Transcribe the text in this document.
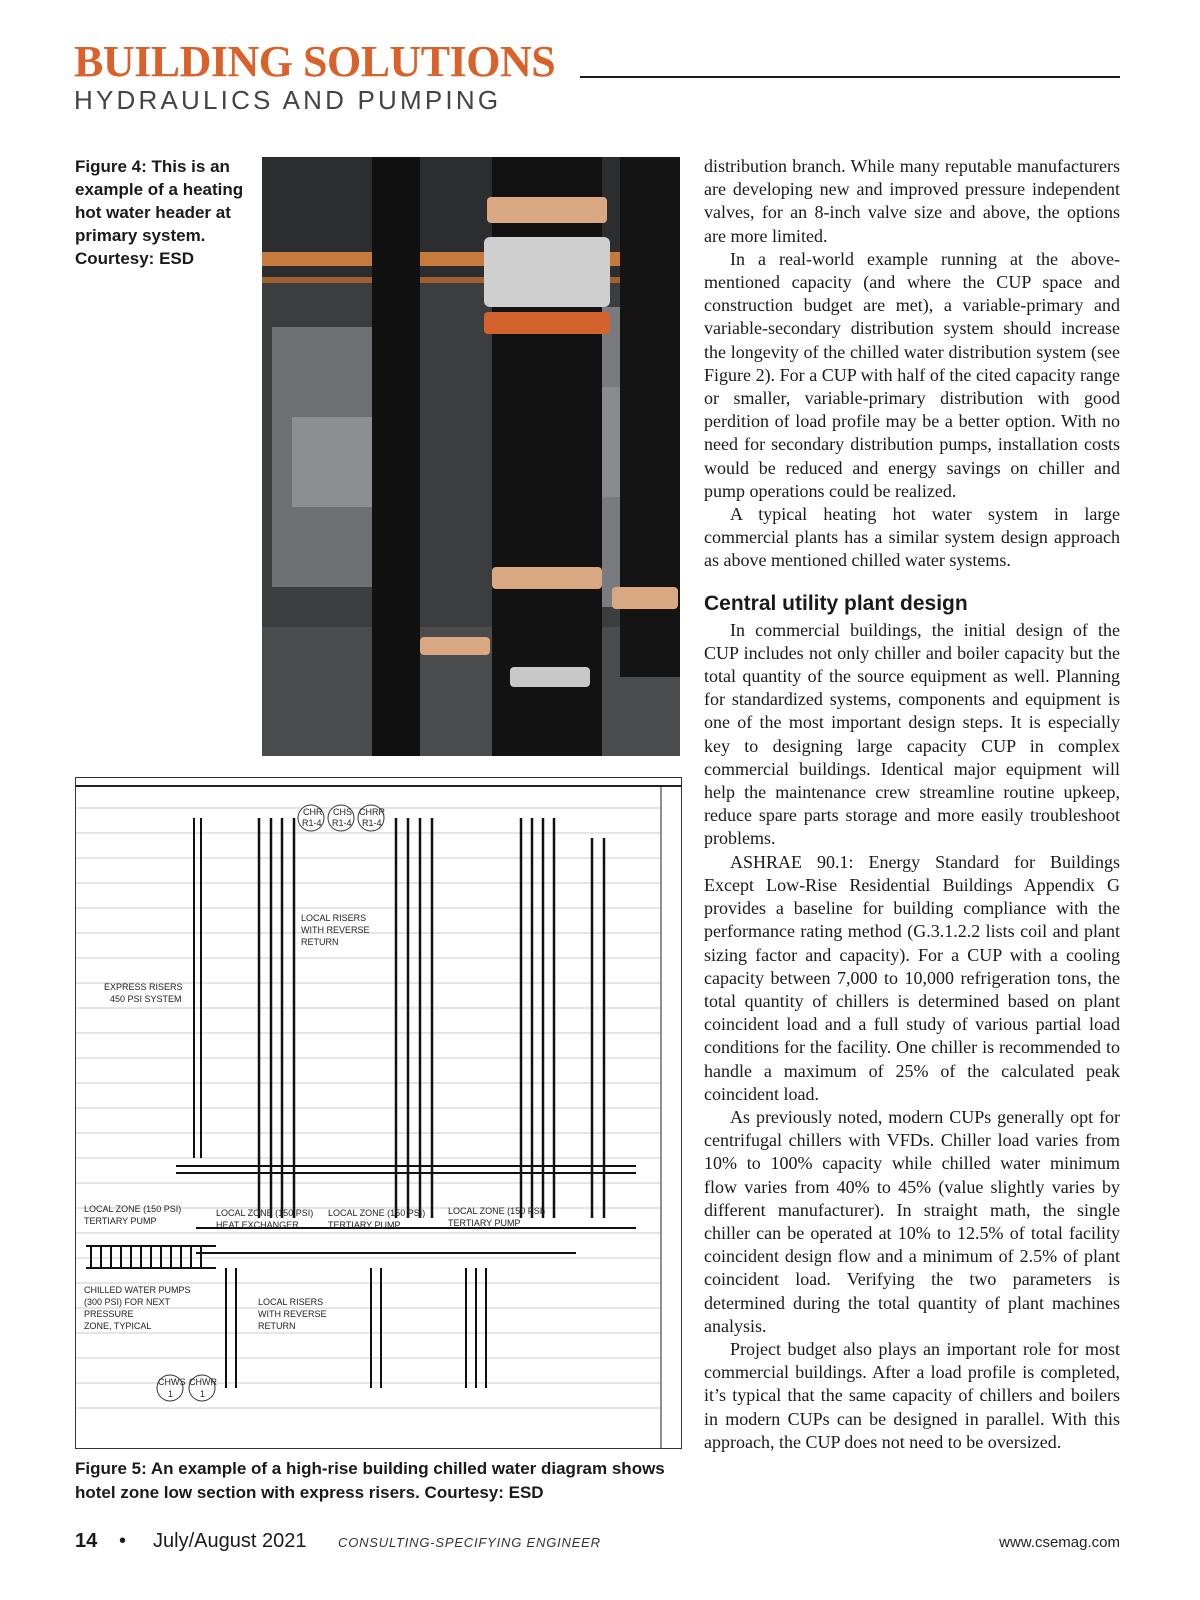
BUILDING SOLUTIONS
HYDRAULICS AND PUMPING
Figure 4: This is an example of a heating hot water header at primary system. Courtesy: ESD
CHR
R1-4
CHS
R1-4
CHRR
R1-4
LOCAL RISERS
WITH REVERSE
RETURN
EXPRESS RISERS
450 PSI SYSTEM
LOCAL ZONE (150 PSI)
TERTIARY PUMP
LOCAL ZONE (150 PSI)
HEAT EXCHANGER
LOCAL ZONE (150 PSI)
TERTIARY PUMP
LOCAL ZONE (150 PSI)
TERTIARY PUMP
CHILLED WATER PUMPS
(300 PSI) FOR NEXT
PRESSURE
ZONE, TYPICAL
LOCAL RISERS
WITH REVERSE
RETURN
CHWS
1
CHWR
1
Figure 5: An example of a high-rise building chilled water diagram shows hotel zone low section with express risers. Courtesy: ESD

distribution branch. While many reputable manufacturers are developing new and improved pressure independent valves, for an 8-inch valve size and above, the options are more limited.

In a real-world example running at the above-mentioned capacity (and where the CUP space and construction budget are met), a variable-primary and variable-secondary distribution system should increase the longevity of the chilled water distribution system (see Figure 2). For a CUP with half of the cited capacity range or smaller, variable-primary distribution with good perdition of load profile may be a better option. With no need for secondary distribution pumps, installation costs would be reduced and energy savings on chiller and pump operations could be realized.

A typical heating hot water system in large commercial plants has a similar system design approach as above mentioned chilled water systems.

Central utility plant design

In commercial buildings, the initial design of the CUP includes not only chiller and boiler capacity but the total quantity of the source equipment as well. Planning for standardized systems, components and equipment is one of the most important design steps. It is especially key to designing large capacity CUP in complex commercial buildings. Identical major equipment will help the maintenance crew streamline routine upkeep, reduce spare parts storage and more easily troubleshoot problems.

ASHRAE 90.1: Energy Standard for Buildings Except Low-Rise Residential Buildings Appendix G provides a baseline for building compliance with the performance rating method (G.3.1.2.2 lists coil and plant sizing factor and capacity). For a CUP with a cooling capacity between 7,000 to 10,000 refrigeration tons, the total quantity of chillers is determined based on plant coincident load and a full study of various partial load conditions for the facility. One chiller is recommended to handle a maximum of 25% of the calculated peak coincident load.

As previously noted, modern CUPs generally opt for centrifugal chillers with VFDs. Chiller load varies from 10% to 100% capacity while chilled water minimum flow varies from 40% to 45% (value slightly varies by different manufacturer). In straight math, the single chiller can be operated at 10% to 12.5% of total facility coincident design flow and a minimum of 2.5% of plant coincident load. Verifying the two parameters is determined during the total quantity of plant machines analysis.

Project budget also plays an important role for most commercial buildings. After a load profile is completed, it’s typical that the same capacity of chillers and boilers in modern CUPs can be designed in parallel. With this approach, the CUP does not need to be oversized.

14 • July/August 2021 CONSULTING-SPECIFYING ENGINEER	www.csemag.com
